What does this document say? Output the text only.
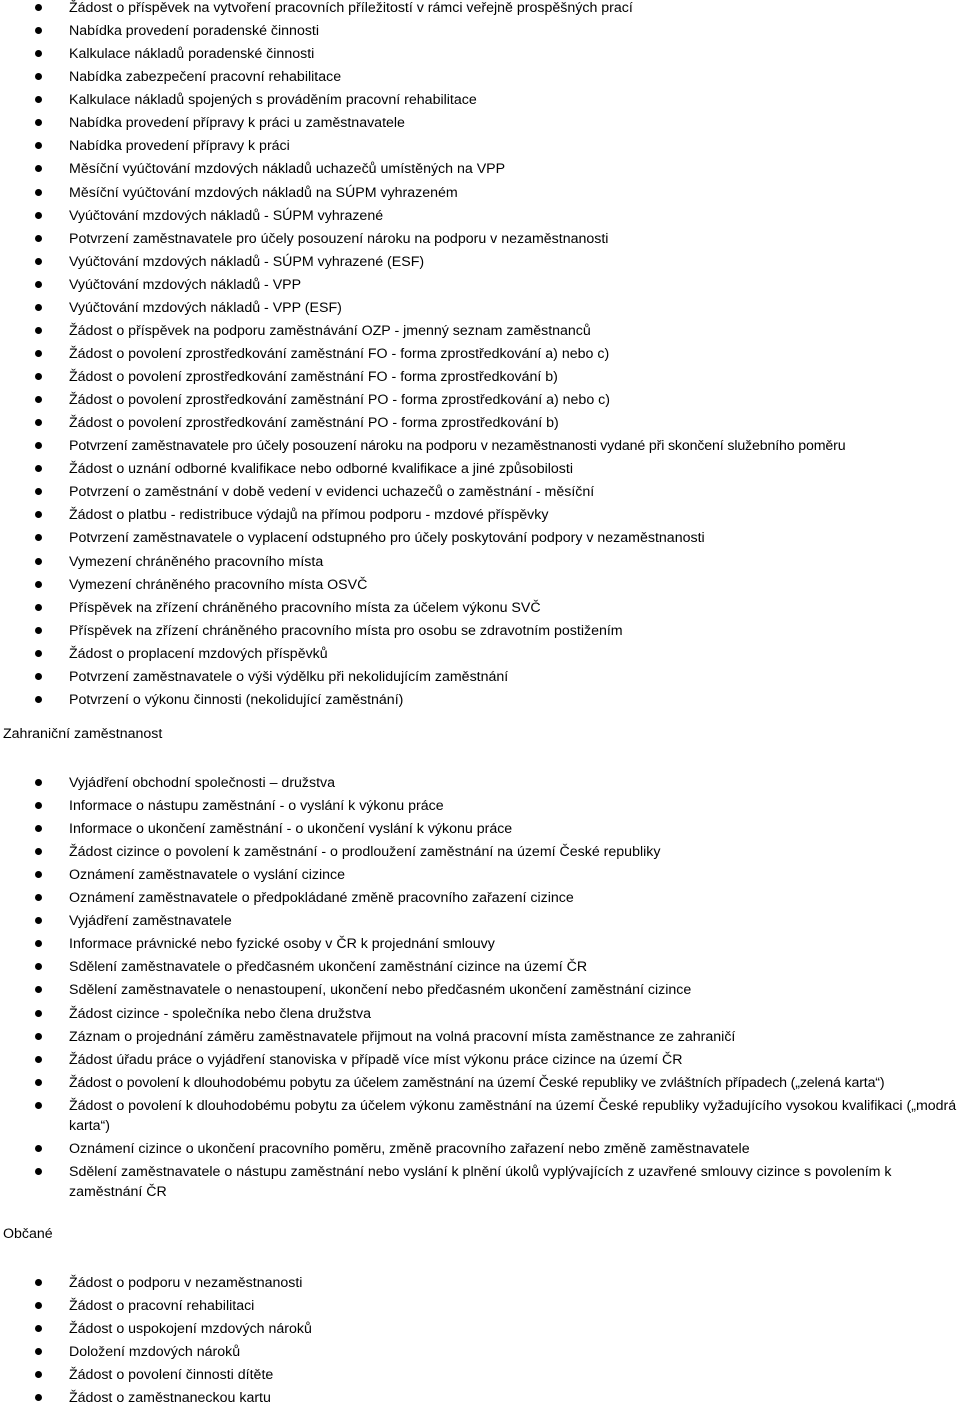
Žádost o příspěvek na vytvoření pracovních příležitostí v rámci veřejně prospěšných prací
Nabídka provedení poradenské činnosti
Kalkulace nákladů poradenské činnosti
Nabídka zabezpečení pracovní rehabilitace
Kalkulace nákladů spojených s prováděním pracovní rehabilitace
Nabídka provedení přípravy k práci u zaměstnavatele
Nabídka provedení přípravy k práci
Měsíční vyúčtování mzdových nákladů uchazečů umístěných na VPP
Měsíční vyúčtování mzdových nákladů na SÚPM vyhrazeném
Vyúčtování mzdových nákladů - SÚPM vyhrazené
Potvrzení zaměstnavatele pro účely posouzení nároku na podporu v nezaměstnanosti
Vyúčtování mzdových nákladů - SÚPM vyhrazené (ESF)
Vyúčtování mzdových nákladů - VPP
Vyúčtování mzdových nákladů - VPP (ESF)
Žádost o příspěvek na podporu zaměstnávání OZP - jmenný seznam zaměstnanců
Žádost o povolení zprostředkování zaměstnání FO - forma zprostředkování a) nebo c)
Žádost o povolení zprostředkování zaměstnání FO - forma zprostředkování b)
Žádost o povolení zprostředkování zaměstnání PO - forma zprostředkování a) nebo c)
Žádost o povolení zprostředkování zaměstnání PO - forma zprostředkování b)
Potvrzení zaměstnavatele pro účely posouzení nároku na podporu v nezaměstnanosti vydané při skončení služebního poměru
Žádost o uznání odborné kvalifikace nebo odborné kvalifikace a jiné způsobilosti
Potvrzení o zaměstnání v době vedení v evidenci uchazečů o zaměstnání - měsíční
Žádost o platbu - redistribuce výdajů na přímou podporu - mzdové příspěvky
Potvrzení zaměstnavatele o vyplacení odstupného pro účely poskytování podpory v nezaměstnanosti
Vymezení chráněného pracovního místa
Vymezení chráněného pracovního místa OSVČ
Příspěvek na zřízení chráněného pracovního místa za účelem výkonu SVČ
Příspěvek na zřízení chráněného pracovního místa pro osobu se zdravotním postižením
Žádost o proplacení mzdových příspěvků
Potvrzení zaměstnavatele o výši výdělku při nekolidujícím zaměstnání
Potvrzení o výkonu činnosti (nekolidující zaměstnání)
Zahraniční zaměstnanost
Vyjádření obchodní společnosti – družstva
Informace o nástupu zaměstnání - o vyslání k výkonu práce
Informace o ukončení zaměstnání - o ukončení vyslání k výkonu práce
Žádost cizince o povolení k zaměstnání - o prodloužení zaměstnání na území České republiky
Oznámení zaměstnavatele o vyslání cizince
Oznámení zaměstnavatele o předpokládané změně pracovního zařazení cizince
Vyjádření zaměstnavatele
Informace právnické nebo fyzické osoby v ČR k projednání smlouvy
Sdělení zaměstnavatele o předčasném ukončení zaměstnání cizince na území ČR
Sdělení zaměstnavatele o nenastoupení, ukončení nebo předčasném ukončení zaměstnání cizince
Žádost cizince - společníka nebo člena družstva
Záznam o projednání záměru zaměstnavatele přijmout na volná pracovní místa zaměstnance ze zahraničí
Žádost úřadu práce o vyjádření stanoviska v případě více míst výkonu práce cizince na území ČR
Žádost o povolení k dlouhodobému pobytu za účelem zaměstnání na území České republiky ve zvláštních případech („zelená karta“)
Žádost o povolení k dlouhodobému pobytu za účelem výkonu zaměstnání na území České republiky vyžadujícího vysokou kvalifikaci („modrá karta“)
Oznámení cizince o ukončení pracovního poměru, změně pracovního zařazení nebo změně zaměstnavatele
Sdělení zaměstnavatele o nástupu zaměstnání nebo vyslání k plnění úkolů vyplývajících z uzavřené smlouvy cizince s povolením k zaměstnání ČR
Občané
Žádost o podporu v nezaměstnanosti
Žádost o pracovní rehabilitaci
Žádost o uspokojení mzdových nároků
Doložení mzdových nároků
Žádost o povolení činnosti dítěte
Žádost o zaměstnaneckou kartu
